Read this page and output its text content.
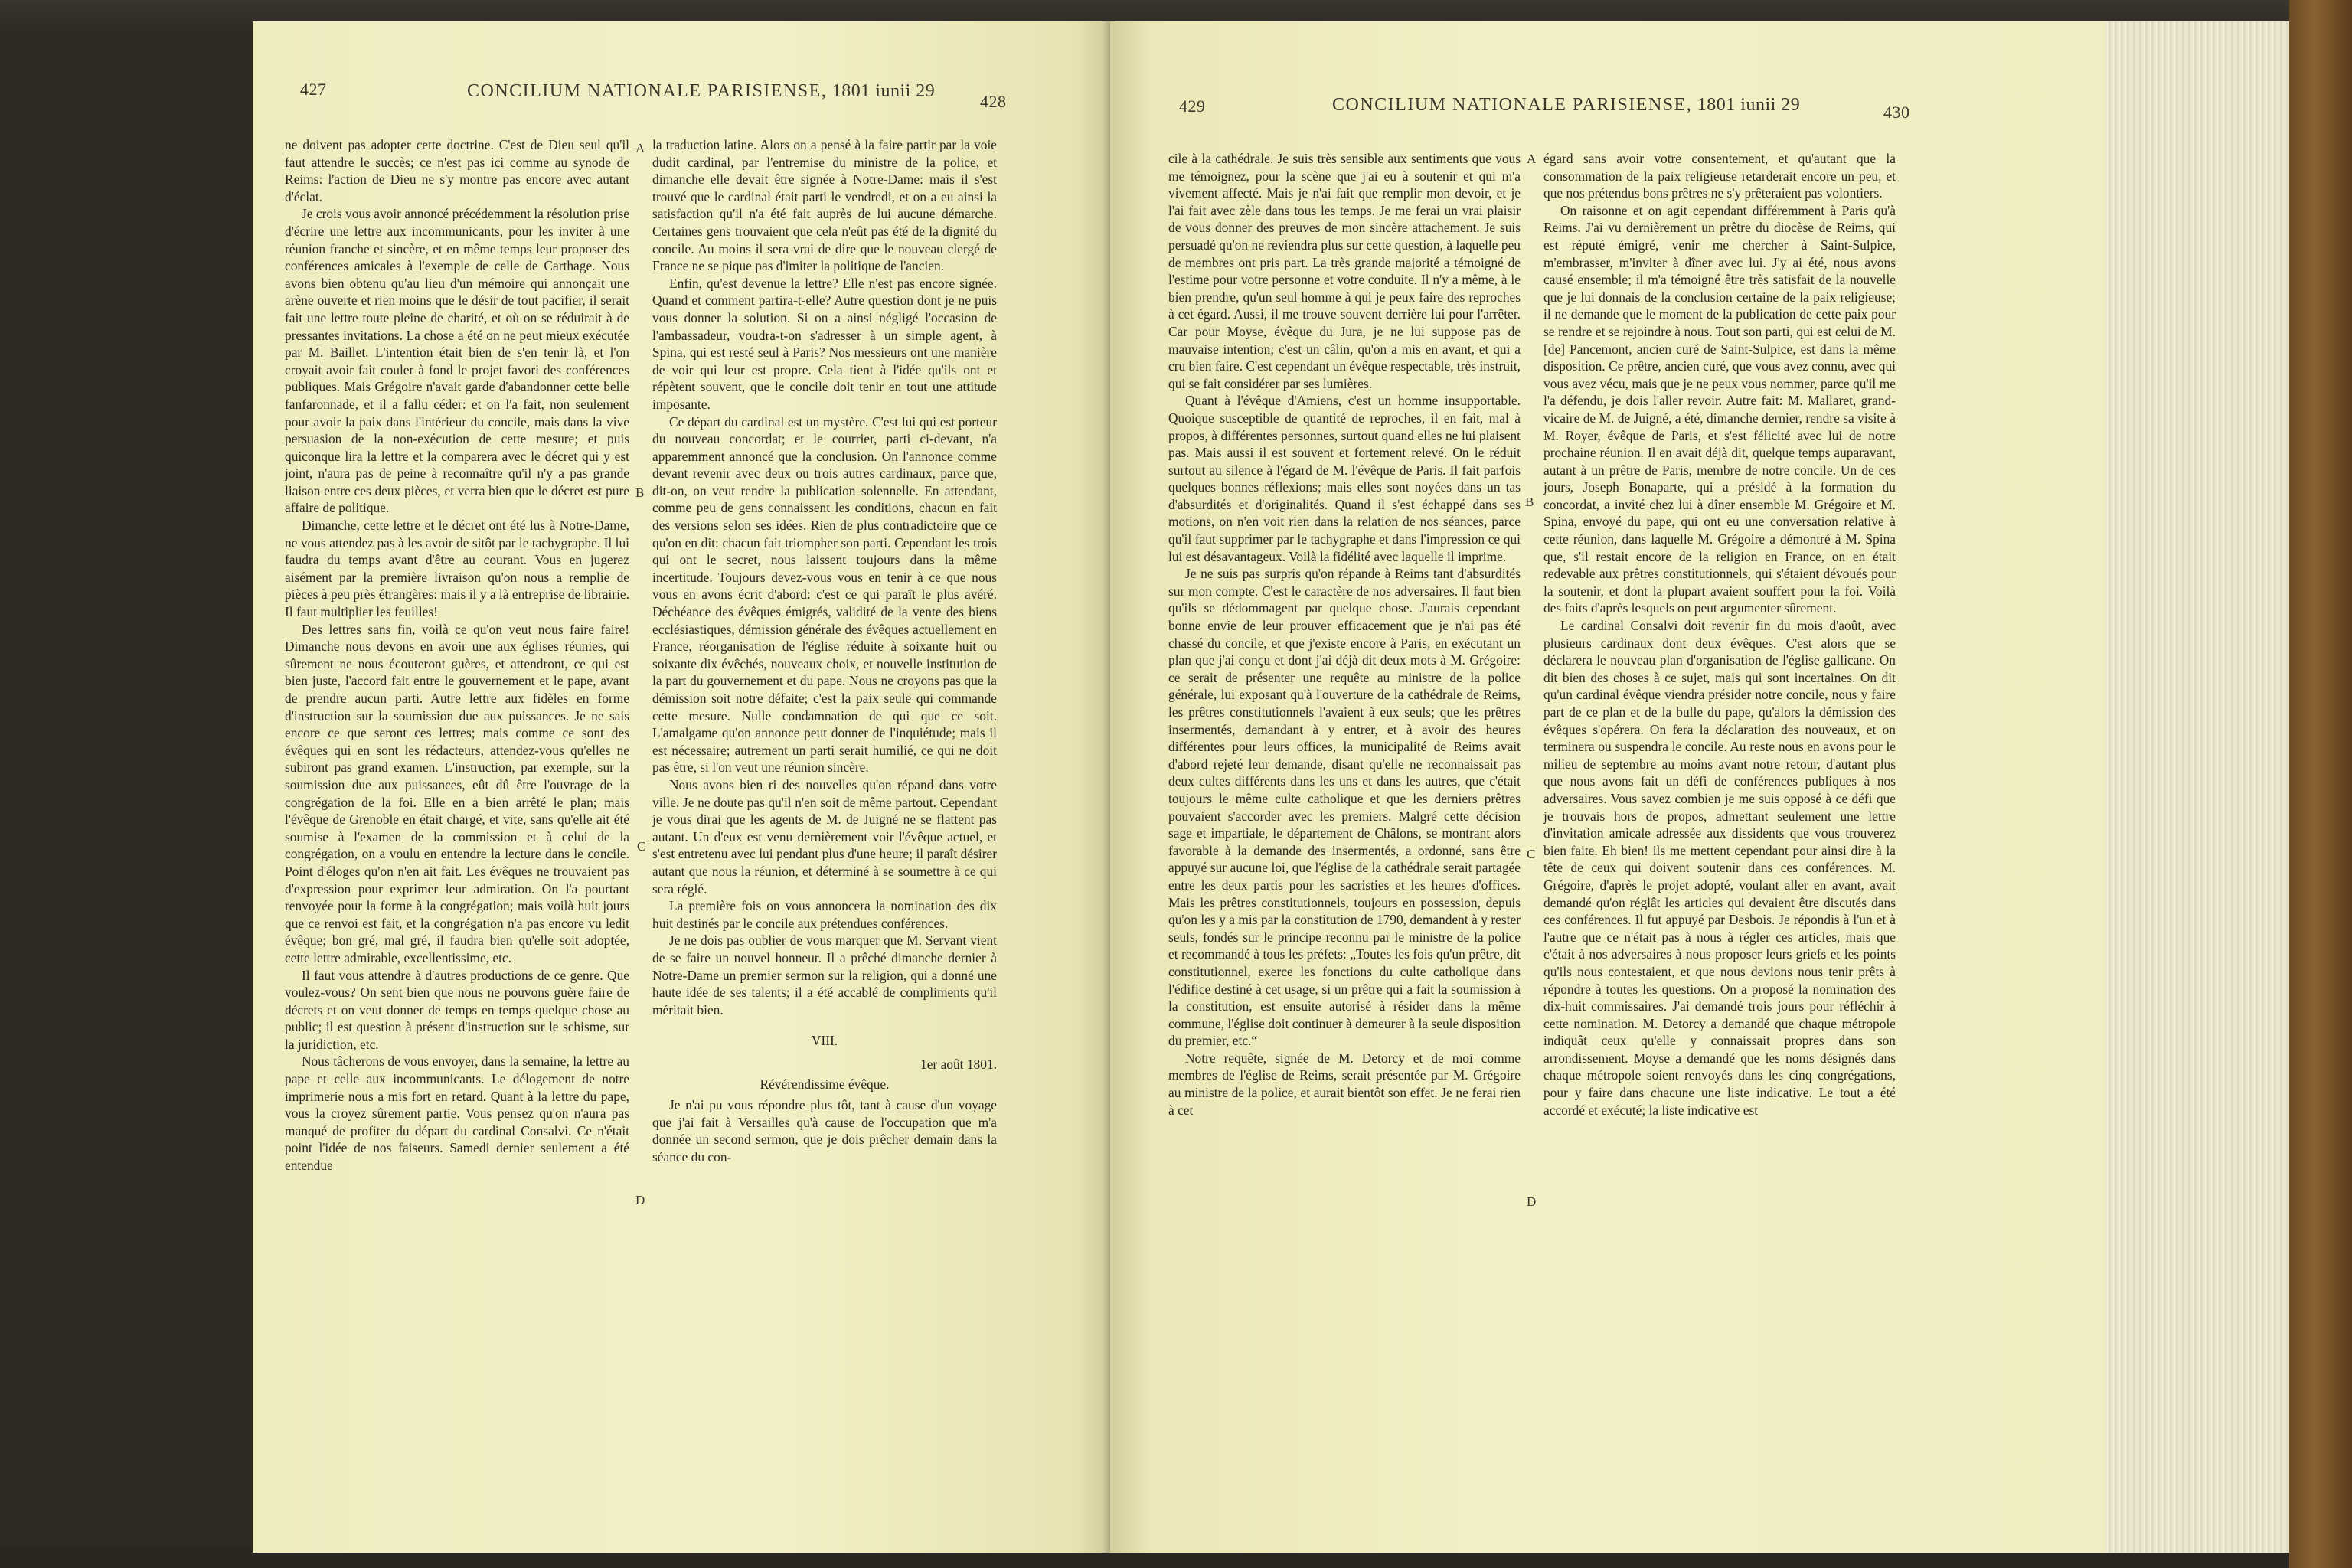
427	CONCILIUM NATIONALE PARISIENSE, 1801 iunii 29
428

ne doivent pas adopter cette doctrine. C'est de Dieu seul qu'il faut attendre le succès; ce n'est pas ici comme au synode de Reims: l'action de Dieu ne s'y montre pas encore avec autant d'éclat.

Je crois vous avoir annoncé précédemment la résolution prise d'écrire une lettre aux incommunicants, pour les inviter à une réunion franche et sincère, et en même temps leur proposer des conférences amicales à l'exemple de celle de Carthage. Nous avons bien obtenu qu'au lieu d'un mémoire qui annonçait une arène ouverte et rien moins que le désir de tout pacifier, il serait fait une lettre toute pleine de charité, et où on se réduirait à de pressantes invitations. La chose a été on ne peut mieux exécutée par M. Baillet. L'intention était bien de s'en tenir là, et l'on croyait avoir fait couler à fond le projet favori des conférences publiques. Mais Grégoire n'avait garde d'abandonner cette belle fanfaronnade, et il a fallu céder: et on l'a fait, non seulement pour avoir la paix dans l'intérieur du concile, mais dans la vive persuasion de la non-exécution de cette mesure; et puis quiconque lira la lettre et la comparera avec le décret qui y est joint, n'aura pas de peine à reconnaître qu'il n'y a pas grande liaison entre ces deux pièces, et verra bien que le décret est pure affaire de politique.

Dimanche, cette lettre et le décret ont été lus à Notre-Dame, ne vous attendez pas à les avoir de sitôt par le tachygraphe. Il lui faudra du temps avant d'être au courant. Vous en jugerez aisément par la première livraison qu'on nous a remplie de pièces à peu près étrangères: mais il y a là entreprise de librairie. Il faut multiplier les feuilles!

Des lettres sans fin, voilà ce qu'on veut nous faire faire! Dimanche nous devons en avoir une aux églises réunies, qui sûrement ne nous écouteront guères, et attendront, ce qui est bien juste, l'accord fait entre le gouvernement et le pape, avant de prendre aucun parti. Autre lettre aux fidèles en forme d'instruction sur la soumission due aux puissances. Je ne sais encore ce que seront ces lettres; mais comme ce sont des évêques qui en sont les rédacteurs, attendez-vous qu'elles ne subiront pas grand examen. L'instruction, par exemple, sur la soumission due aux puissances, eût dû être l'ouvrage de la congrégation de la foi. Elle en a bien arrêté le plan; mais l'évêque de Grenoble en était chargé, et vite, sans qu'elle ait été soumise à l'examen de la commission et à celui de la congrégation, on a voulu en entendre la lecture dans le concile. Point d'éloges qu'on n'en ait fait. Les évêques ne trouvaient pas d'expression pour exprimer leur admiration. On l'a pourtant renvoyée pour la forme à la congrégation; mais voilà huit jours que ce renvoi est fait, et la congrégation n'a pas encore vu ledit évêque; bon gré, mal gré, il faudra bien qu'elle soit adoptée, cette lettre admirable, excellentissime, etc.

Il faut vous attendre à d'autres productions de ce genre. Que voulez-vous? On sent bien que nous ne pouvons guère faire de décrets et on veut donner de temps en temps quelque chose au public; il est question à présent d'instruction sur le schisme, sur la juridiction, etc.

Nous tâcherons de vous envoyer, dans la semaine, la lettre au pape et celle aux incommunicants. Le délogement de notre imprimerie nous a mis fort en retard. Quant à la lettre du pape, vous la croyez sûrement partie. Vous pensez qu'on n'aura pas manqué de profiter du départ du cardinal Consalvi. Ce n'était point l'idée de nos faiseurs. Samedi dernier seulement a été entendue

A
B
C
D

la traduction latine. Alors on a pensé à la faire partir par la voie dudit cardinal, par l'entremise du ministre de la police, et dimanche elle devait être signée à Notre-Dame: mais il s'est trouvé que le cardinal était parti le vendredi, et on a eu ainsi la satisfaction qu'il n'a été fait auprès de lui aucune démarche. Certaines gens trouvaient que cela n'eût pas été de la dignité du concile. Au moins il sera vrai de dire que le nouveau clergé de France ne se pique pas d'imiter la politique de l'ancien.

Enfin, qu'est devenue la lettre? Elle n'est pas encore signée. Quand et comment partira-t-elle? Autre question dont je ne puis vous donner la solution. Si on a ainsi négligé l'occasion de l'ambassadeur, voudra-t-on s'adresser à un simple agent, à Spina, qui est resté seul à Paris? Nos messieurs ont une manière de voir qui leur est propre. Cela tient à l'idée qu'ils ont et répètent souvent, que le concile doit tenir en tout une attitude imposante.

Ce départ du cardinal est un mystère. C'est lui qui est porteur du nouveau concordat; et le courrier, parti ci-devant, n'a apparemment annoncé que la conclusion. On l'annonce comme devant revenir avec deux ou trois autres cardinaux, parce que, dit-on, on veut rendre la publication solennelle. En attendant, comme peu de gens connaissent les conditions, chacun en fait des versions selon ses idées. Rien de plus contradictoire que ce qu'on en dit: chacun fait triompher son parti. Cependant les trois qui ont le secret, nous laissent toujours dans la même incertitude. Toujours devez-vous vous en tenir à ce que nous vous en avons écrit d'abord: c'est ce qui paraît le plus avéré. Déchéance des évêques émigrés, validité de la vente des biens ecclésiastiques, démission générale des évêques actuellement en France, réorganisation de l'église réduite à soixante huit ou soixante dix évêchés, nouveaux choix, et nouvelle institution de la part du gouvernement et du pape. Nous ne croyons pas que la démission soit notre défaite; c'est la paix seule qui commande cette mesure. Nulle condamnation de qui que ce soit. L'amalgame qu'on annonce peut donner de l'inquiétude; mais il est nécessaire; autrement un parti serait humilié, ce qui ne doit pas être, si l'on veut une réunion sincère.

Nous avons bien ri des nouvelles qu'on répand dans votre ville. Je ne doute pas qu'il n'en soit de même partout. Cependant je vous dirai que les agents de M. de Juigné ne se flattent pas autant. Un d'eux est venu dernièrement voir l'évêque actuel, et s'est entretenu avec lui pendant plus d'une heure; il paraît désirer autant que nous la réunion, et déterminé à se soumettre à ce qui sera réglé.

La première fois on vous annoncera la nomination des dix huit destinés par le concile aux prétendues conférences.

Je ne dois pas oublier de vous marquer que M. Servant vient de se faire un nouvel honneur. Il a prêché dimanche dernier à Notre-Dame un premier sermon sur la religion, qui a donné une haute idée de ses talents; il a été accablé de compliments qu'il méritait bien.

VIII.

1er août 1801.

Révérendissime évêque.

Je n'ai pu vous répondre plus tôt, tant à cause d'un voyage que j'ai fait à Versailles qu'à cause de l'occupation que m'a donnée un second sermon, que je dois prêcher demain dans la séance du con-

429	CONCILIUM NATIONALE PARISIENSE, 1801 iunii 29	430

cile à la cathédrale. Je suis très sensible aux sentiments que vous me témoignez, pour la scène que j'ai eu à soutenir et qui m'a vivement affecté. Mais je n'ai fait que remplir mon devoir, et je l'ai fait avec zèle dans tous les temps. Je me ferai un vrai plaisir de vous donner des preuves de mon sincère attachement. Je suis persuadé qu'on ne reviendra plus sur cette question, à laquelle peu de membres ont pris part. La très grande majorité a témoigné de l'estime pour votre personne et votre conduite. Il n'y a même, à le bien prendre, qu'un seul homme à qui je peux faire des reproches à cet égard. Aussi, il me trouve souvent derrière lui pour l'arrêter. Car pour Moyse, évêque du Jura, je ne lui suppose pas de mauvaise intention; c'est un câlin, qu'on a mis en avant, et qui a cru bien faire. C'est cependant un évêque respectable, très instruit, qui se fait considérer par ses lumières.

Quant à l'évêque d'Amiens, c'est un homme insupportable. Quoique susceptible de quantité de reproches, il en fait, mal à propos, à différentes personnes, surtout quand elles ne lui plaisent pas. Mais aussi il est souvent et fortement relevé. On le réduit surtout au silence à l'égard de M. l'évêque de Paris. Il fait parfois quelques bonnes réflexions; mais elles sont noyées dans un tas d'absurdités et d'originalités. Quand il s'est échappé dans ses motions, on n'en voit rien dans la relation de nos séances, parce qu'il faut supprimer par le tachygraphe et dans l'impression ce qui lui est désavantageux. Voilà la fidélité avec laquelle il imprime.

Je ne suis pas surpris qu'on répande à Reims tant d'absurdités sur mon compte. C'est le caractère de nos adversaires. Il faut bien qu'ils se dédommagent par quelque chose. J'aurais cependant bonne envie de leur prouver efficacement que je n'ai pas été chassé du concile, et que j'existe encore à Paris, en exécutant un plan que j'ai conçu et dont j'ai déjà dit deux mots à M. Grégoire: ce serait de présenter une requête au ministre de la police générale, lui exposant qu'à l'ouverture de la cathédrale de Reims, les prêtres constitutionnels l'avaient à eux seuls; que les prêtres insermentés, demandant à y entrer, et à avoir des heures différentes pour leurs offices, la municipalité de Reims avait d'abord rejeté leur demande, disant qu'elle ne reconnaissait pas deux cultes différents dans les uns et dans les autres, que c'était toujours le même culte catholique et que les derniers prêtres pouvaient s'accorder avec les premiers. Malgré cette décision sage et impartiale, le département de Châlons, se montrant alors favorable à la demande des insermentés, a ordonné, sans être appuyé sur aucune loi, que l'église de la cathédrale serait partagée entre les deux partis pour les sacristies et les heures d'offices. Mais les prêtres constitutionnels, toujours en possession, depuis qu'on les y a mis par la constitution de 1790, demandent à y rester seuls, fondés sur le principe reconnu par le ministre de la police et recommandé à tous les préfets: „Toutes les fois qu'un prêtre, dit constitutionnel, exerce les fonctions du culte catholique dans l'édifice destiné à cet usage, si un prêtre qui a fait la soumission à la constitution, est ensuite autorisé à résider dans la même commune, l'église doit continuer à demeurer à la seule disposition du premier, etc.“

Notre requête, signée de M. Detorcy et de moi comme membres de l'église de Reims, serait présentée par M. Grégoire au ministre de la police, et aurait bientôt son effet. Je ne ferai rien à cet

A
B
C
D

égard sans avoir votre consentement, et qu'autant que la consommation de la paix religieuse retarderait encore un peu, et que nos prétendus bons prêtres ne s'y prêteraient pas volontiers.

On raisonne et on agit cependant différemment à Paris qu'à Reims. J'ai vu dernièrement un prêtre du diocèse de Reims, qui est réputé émigré, venir me chercher à Saint-Sulpice, m'embrasser, m'inviter à dîner avec lui. J'y ai été, nous avons causé ensemble; il m'a témoigné être très satisfait de la nouvelle que je lui donnais de la conclusion certaine de la paix religieuse; il ne demande que le moment de la publication de cette paix pour se rendre et se rejoindre à nous. Tout son parti, qui est celui de M. [de] Pancemont, ancien curé de Saint-Sulpice, est dans la même disposition. Ce prêtre, ancien curé, que vous avez connu, avec qui vous avez vécu, mais que je ne peux vous nommer, parce qu'il me l'a défendu, je dois l'aller revoir. Autre fait: M. Mallaret, grand-vicaire de M. de Juigné, a été, dimanche dernier, rendre sa visite à M. Royer, évêque de Paris, et s'est félicité avec lui de notre prochaine réunion. Il en avait déjà dit, quelque temps auparavant, autant à un prêtre de Paris, membre de notre concile. Un de ces jours, Joseph Bonaparte, qui a présidé à la formation du concordat, a invité chez lui à dîner ensemble M. Grégoire et M. Spina, envoyé du pape, qui ont eu une conversation relative à cette réunion, dans laquelle M. Grégoire a démontré à M. Spina que, s'il restait encore de la religion en France, on en était redevable aux prêtres constitutionnels, qui s'étaient dévoués pour la soutenir, et dont la plupart avaient souffert pour la foi. Voilà des faits d'après lesquels on peut argumenter sûrement.

Le cardinal Consalvi doit revenir fin du mois d'août, avec plusieurs cardinaux dont deux évêques. C'est alors que se déclarera le nouveau plan d'organisation de l'église gallicane. On dit bien des choses à ce sujet, mais qui sont incertaines. On dit qu'un cardinal évêque viendra présider notre concile, nous y faire part de ce plan et de la bulle du pape, qu'alors la démission des évêques s'opérera. On fera la déclaration des nouveaux, et on terminera ou suspendra le concile. Au reste nous en avons pour le milieu de septembre au moins avant notre retour, d'autant plus que nous avons fait un défi de conférences publiques à nos adversaires. Vous savez combien je me suis opposé à ce défi que je trouvais hors de propos, admettant seulement une lettre d'invitation amicale adressée aux dissidents que vous trouverez bien faite. Eh bien! ils me mettent cependant pour ainsi dire à la tête de ceux qui doivent soutenir dans ces conférences. M. Grégoire, d'après le projet adopté, voulant aller en avant, avait demandé qu'on réglât les articles qui devaient être discutés dans ces conférences. Il fut appuyé par Desbois. Je répondis à l'un et à l'autre que ce n'était pas à nous à régler ces articles, mais que c'était à nos adversaires à nous proposer leurs griefs et les points qu'ils nous contestaient, et que nous devions nous tenir prêts à répondre à toutes les questions. On a proposé la nomination des dix-huit commissaires. J'ai demandé trois jours pour réfléchir à cette nomination. M. Detorcy a demandé que chaque métropole indiquât ceux qu'elle y connaissait propres dans son arrondissement. Moyse a demandé que les noms désignés dans chaque métropole soient renvoyés dans les cinq congrégations, pour y faire dans chacune une liste indicative. Le tout a été accordé et exécuté; la liste indicative est
